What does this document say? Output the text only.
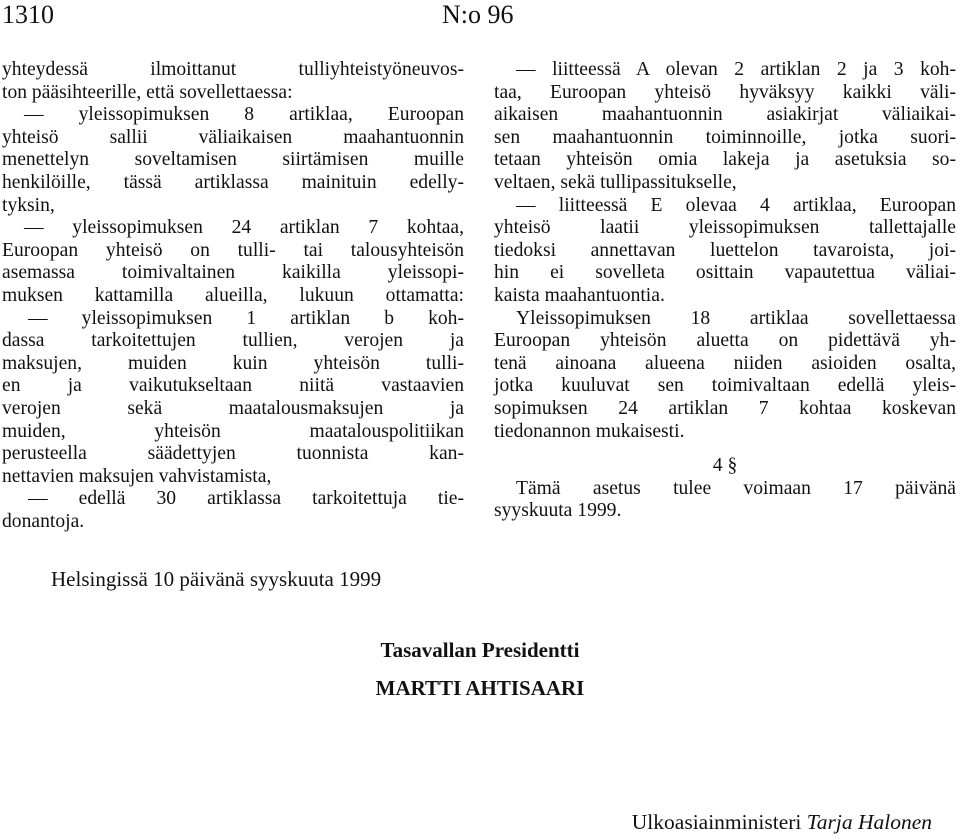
1310	N:o 96
yhteydessä ilmoittanut tulliyhteistyöneuvos-
ton pääsihteerille, että sovellettaessa:
— yleissopimuksen 8 artiklaa, Euroopan
yhteisö sallii väliaikaisen maahantuonnin
menettelyn soveltamisen siirtämisen muille
henkilöille, tässä artiklassa mainituin edelly-
tyksin,
— yleissopimuksen 24 artiklan 7 kohtaa,
Euroopan yhteisö on tulli- tai talousyhteisön
asemassa toimivaltainen kaikilla yleissopi-
muksen kattamilla alueilla, lukuun ottamatta:
— yleissopimuksen 1 artiklan b koh-
dassa tarkoitettujen tullien, verojen ja
maksujen, muiden kuin yhteisön tulli-
en ja vaikutukseltaan niitä vastaavien
verojen sekä maatalousmaksujen ja
muiden, yhteisön maatalouspolitiikan
perusteella säädettyjen tuonnista kan-
nettavien maksujen vahvistamista,
— edellä 30 artiklassa tarkoitettuja tie-
donantoja.
— liitteessä A olevan 2 artiklan 2 ja 3 koh-
taa, Euroopan yhteisö hyväksyy kaikki väli-
aikaisen maahantuonnin asiakirjat väliaikai-
sen maahantuonnin toiminnoille, jotka suori-
tetaan yhteisön omia lakeja ja asetuksia so-
veltaen, sekä tullipassitukselle,
— liitteessä E olevaa 4 artiklaa, Euroopan
yhteisö laatii yleissopimuksen tallettajalle
tiedoksi annettavan luettelon tavaroista, joi-
hin ei sovelleta osittain vapautettua väliai-
kaista maahantuontia.
Yleissopimuksen 18 artiklaa sovellettaessa
Euroopan yhteisön aluetta on pidettävä yh-
tenä ainoana alueena niiden asioiden osalta,
jotka kuuluvat sen toimivaltaan edellä yleis-
sopimuksen 24 artiklan 7 kohtaa koskevan
tiedonannon mukaisesti.
4 §
Tämä asetus tulee voimaan 17 päivänä
syyskuuta 1999.
Helsingissä 10 päivänä syyskuuta 1999
Tasavallan Presidentti
MARTTI AHTISAARI
Ulkoasiainministeri Tarja Halonen
